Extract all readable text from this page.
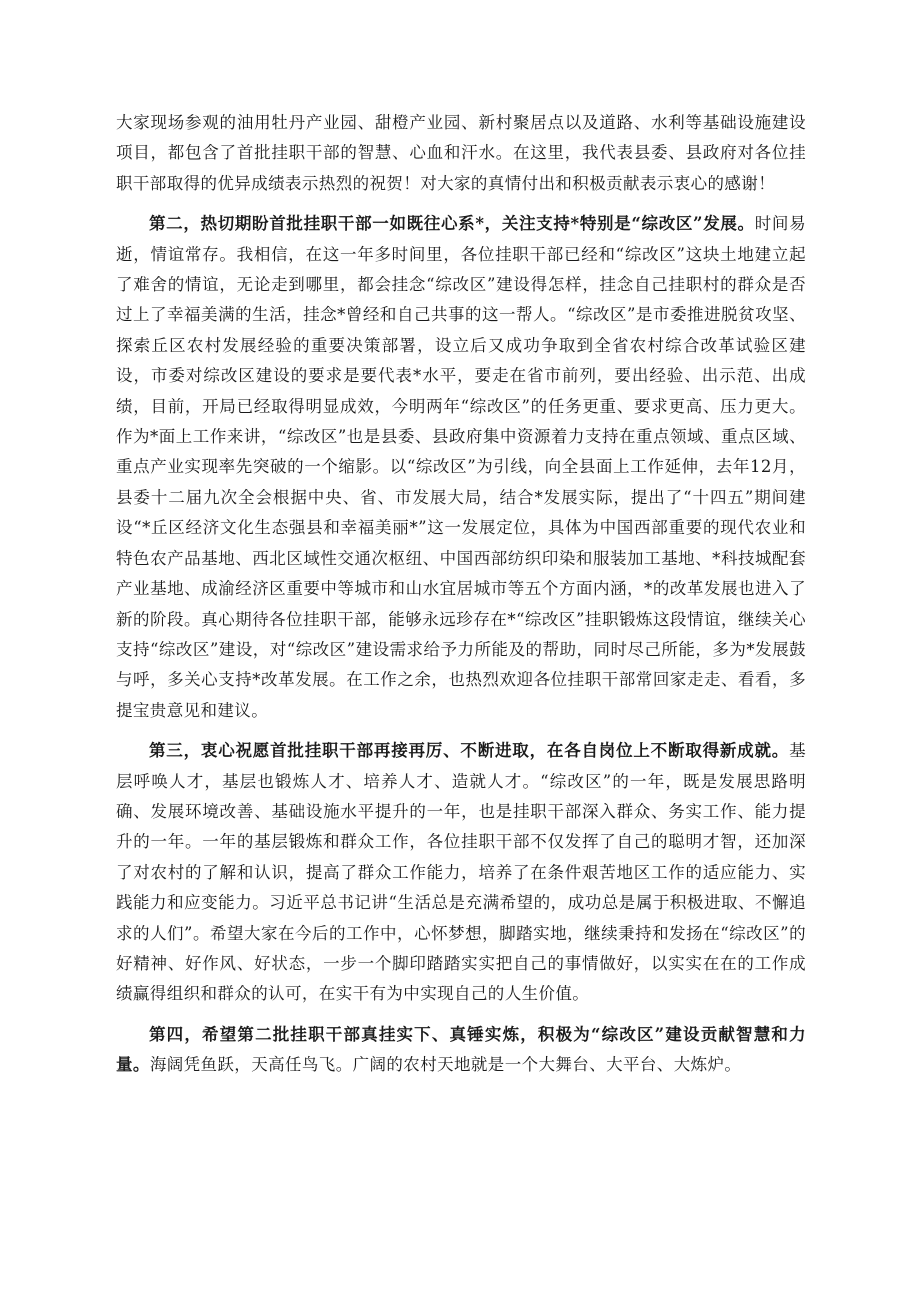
大家现场参观的油用牡丹产业园、甜橙产业园、新村聚居点以及道路、水利等基础设施建设项目，都包含了首批挂职干部的智慧、心血和汗水。在这里，我代表县委、县政府对各位挂职干部取得的优异成绩表示热烈的祝贺！对大家的真情付出和积极贡献表示衷心的感谢！

第二，热切期盼首批挂职干部一如既往心系*，关注支持*特别是“综改区”发展。时间易逝，情谊常存。我相信，在这一年多时间里，各位挂职干部已经和“综改区”这块土地建立起了难舍的情谊，无论走到哪里，都会挂念“综改区”建设得怎样，挂念自己挂职村的群众是否过上了幸福美满的生活，挂念*曾经和自己共事的这一帮人。“综改区”是市委推进脱贫攻坚、探索丘区农村发展经验的重要决策部署，设立后又成功争取到全省农村综合改革试验区建设，市委对综改区建设的要求是要代表*水平，要走在省市前列，要出经验、出示范、出成绩，目前，开局已经取得明显成效，今明两年“综改区”的任务更重、要求更高、压力更大。作为*面上工作来讲，“综改区”也是县委、县政府集中资源着力支持在重点领域、重点区域、重点产业实现率先突破的一个缩影。以“综改区”为引线，向全县面上工作延伸，去年12月，县委十二届九次全会根据中央、省、市发展大局，结合*发展实际，提出了“十四五”期间建设“*丘区经济文化生态强县和幸福美丽*”这一发展定位，具体为中国西部重要的现代农业和特色农产品基地、西北区域性交通次枢纽、中国西部纺织印染和服装加工基地、*科技城配套产业基地、成渝经济区重要中等城市和山水宜居城市等五个方面内涵，*的改革发展也进入了新的阶段。真心期待各位挂职干部，能够永远珍存在*“综改区”挂职锻炼这段情谊，继续关心支持“综改区”建设，对“综改区”建设需求给予力所能及的帮助，同时尽己所能，多为*发展鼓与呼，多关心支持*改革发展。在工作之余，也热烈欢迎各位挂职干部常回家走走、看看，多提宝贵意见和建议。

第三，衷心祝愿首批挂职干部再接再厉、不断进取，在各自岗位上不断取得新成就。基层呼唤人才，基层也锻炼人才、培养人才、造就人才。“综改区”的一年，既是发展思路明确、发展环境改善、基础设施水平提升的一年，也是挂职干部深入群众、务实工作、能力提升的一年。一年的基层锻炼和群众工作，各位挂职干部不仅发挥了自己的聪明才智，还加深了对农村的了解和认识，提高了群众工作能力，培养了在条件艰苦地区工作的适应能力、实践能力和应变能力。习近平总书记讲“生活总是充满希望的，成功总是属于积极进取、不懈追求的人们”。希望大家在今后的工作中，心怀梦想，脚踏实地，继续秉持和发扬在“综改区”的好精神、好作风、好状态，一步一个脚印踏踏实实把自己的事情做好，以实实在在的工作成绩赢得组织和群众的认可，在实干有为中实现自己的人生价值。

第四，希望第二批挂职干部真挂实下、真锤实炼，积极为“综改区”建设贡献智慧和力量。海阔凭鱼跃，天高任鸟飞。广阔的农村天地就是一个大舞台、大平台、大炼炉。
